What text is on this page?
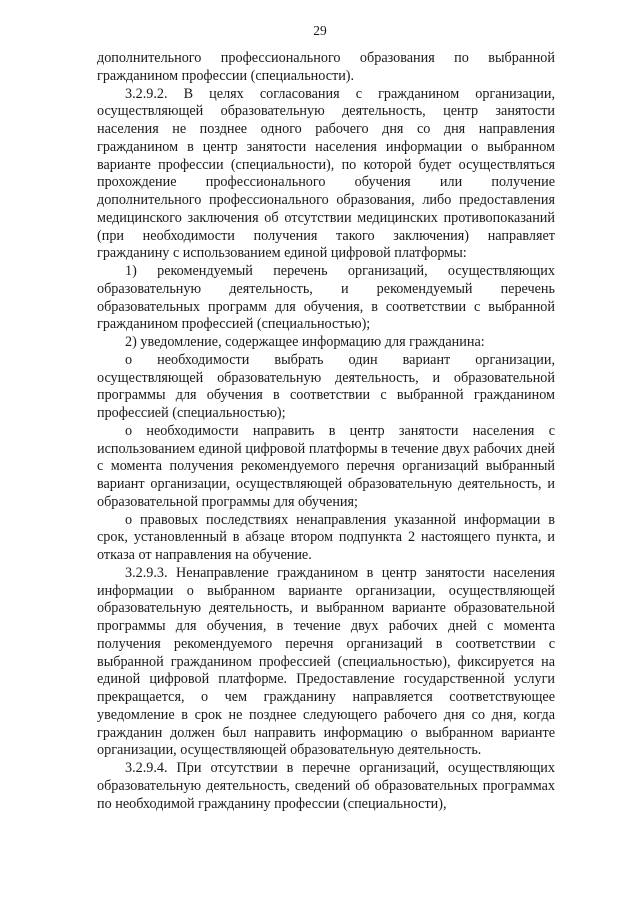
29

дополнительного профессионального образования по выбранной гражданином профессии (специальности).

3.2.9.2. В целях согласования с гражданином организации, осуществляющей образовательную деятельность, центр занятости населения не позднее одного рабочего дня со дня направления гражданином в центр занятости населения информации о выбранном варианте профессии (специальности), по которой будет осуществляться прохождение профессионального обучения или получение дополнительного профессионального образования, либо предоставления медицинского заключения об отсутствии медицинских противопоказаний (при необходимости получения такого заключения) направляет гражданину с использованием единой цифровой платформы:

1) рекомендуемый перечень организаций, осуществляющих образовательную деятельность, и рекомендуемый перечень образовательных программ для обучения, в соответствии с выбранной гражданином профессией (специальностью);

2) уведомление, содержащее информацию для гражданина:

о необходимости выбрать один вариант организации, осуществляющей образовательную деятельность, и образовательной программы для обучения в соответствии с выбранной гражданином профессией (специальностью);

о необходимости направить в центр занятости населения с использованием единой цифровой платформы в течение двух рабочих дней с момента получения рекомендуемого перечня организаций выбранный вариант организации, осуществляющей образовательную деятельность, и образовательной программы для обучения;

о правовых последствиях ненаправления указанной информации в срок, установленный в абзаце втором подпункта 2 настоящего пункта, и отказа от направления на обучение.

3.2.9.3. Ненаправление гражданином в центр занятости населения информации о выбранном варианте организации, осуществляющей образовательную деятельность, и выбранном варианте образовательной программы для обучения, в течение двух рабочих дней с момента получения рекомендуемого перечня организаций в соответствии с выбранной гражданином профессией (специальностью), фиксируется на единой цифровой платформе. Предоставление государственной услуги прекращается, о чем гражданину направляется соответствующее уведомление в срок не позднее следующего рабочего дня со дня, когда гражданин должен был направить информацию о выбранном варианте организации, осуществляющей образовательную деятельность.

3.2.9.4. При отсутствии в перечне организаций, осуществляющих образовательную деятельность, сведений об образовательных программах по необходимой гражданину профессии (специальности),
